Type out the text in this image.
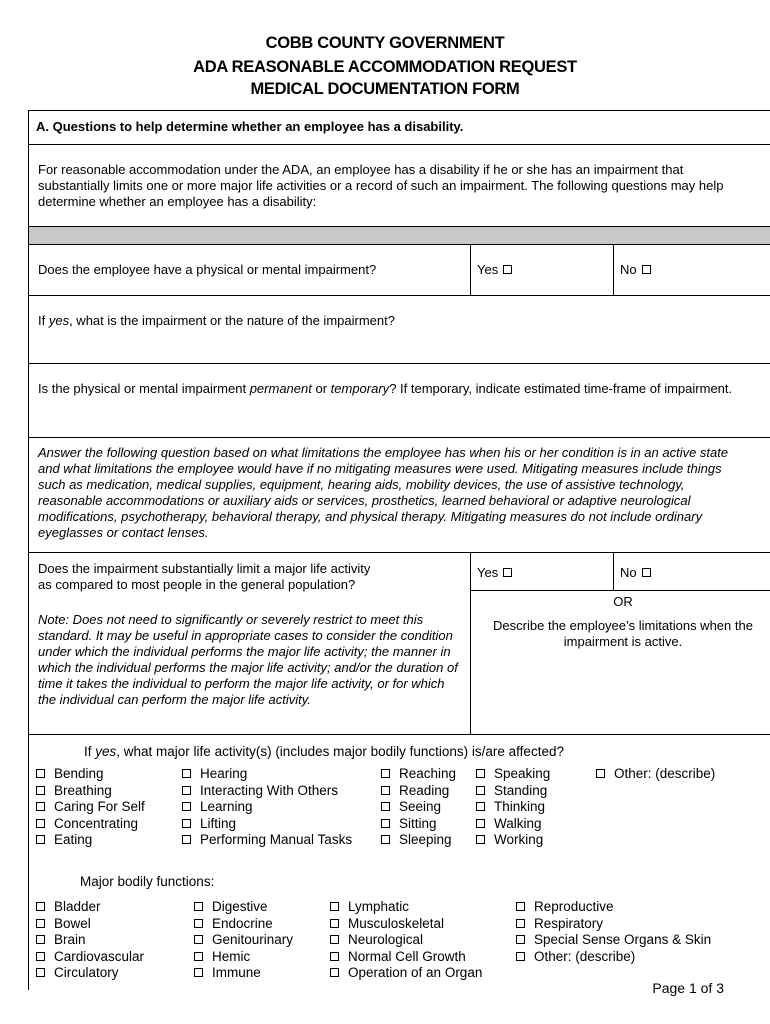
COBB COUNTY GOVERNMENT
ADA REASONABLE ACCOMMODATION REQUEST
MEDICAL DOCUMENTATION FORM
A. Questions to help determine whether an employee has a disability.
For reasonable accommodation under the ADA, an employee has a disability if he or she has an impairment that substantially limits one or more major life activities or a record of such an impairment. The following questions may help determine whether an employee has a disability:
Does the employee have a physical or mental impairment?	Yes	No
If yes, what is the impairment or the nature of the impairment?
Is the physical or mental impairment permanent or temporary? If temporary, indicate estimated time-frame of impairment.
Answer the following question based on what limitations the employee has when his or her condition is in an active state and what limitations the employee would have if no mitigating measures were used. Mitigating measures include things such as medication, medical supplies, equipment, hearing aids, mobility devices, the use of assistive technology, reasonable accommodations or auxiliary aids or services, prosthetics, learned behavioral or adaptive neurological modifications, psychotherapy, behavioral therapy, and physical therapy. Mitigating measures do not include ordinary eyeglasses or contact lenses.
Does the impairment substantially limit a major life activity
as compared to most people in the general population?
Note: Does not need to significantly or severely restrict to meet this standard. It may be useful in appropriate cases to consider the condition under which the individual performs the major life activity; the manner in which the individual performs the major life activity; and/or the duration of time it takes the individual to perform the major life activity, or for which the individual can perform the major life activity.
Yes	No
OR
Describe the employee’s limitations when the impairment is active.
If yes, what major life activity(s) (includes major bodily functions) is/are affected?
Bending
Breathing
Caring For Self
Concentrating
Eating
Hearing
Interacting With Others
Learning
Lifting
Performing Manual Tasks
Reaching
Reading
Seeing
Sitting
Sleeping
Speaking
Standing
Thinking
Walking
Working
Other: (describe)
Major bodily functions:
Bladder
Bowel
Brain
Cardiovascular
Circulatory
Digestive
Endocrine
Genitourinary
Hemic
Immune
Lymphatic
Musculoskeletal
Neurological
Normal Cell Growth
Operation of an Organ
Reproductive
Respiratory
Special Sense Organs & Skin
Other: (describe)
Page 1 of 3
